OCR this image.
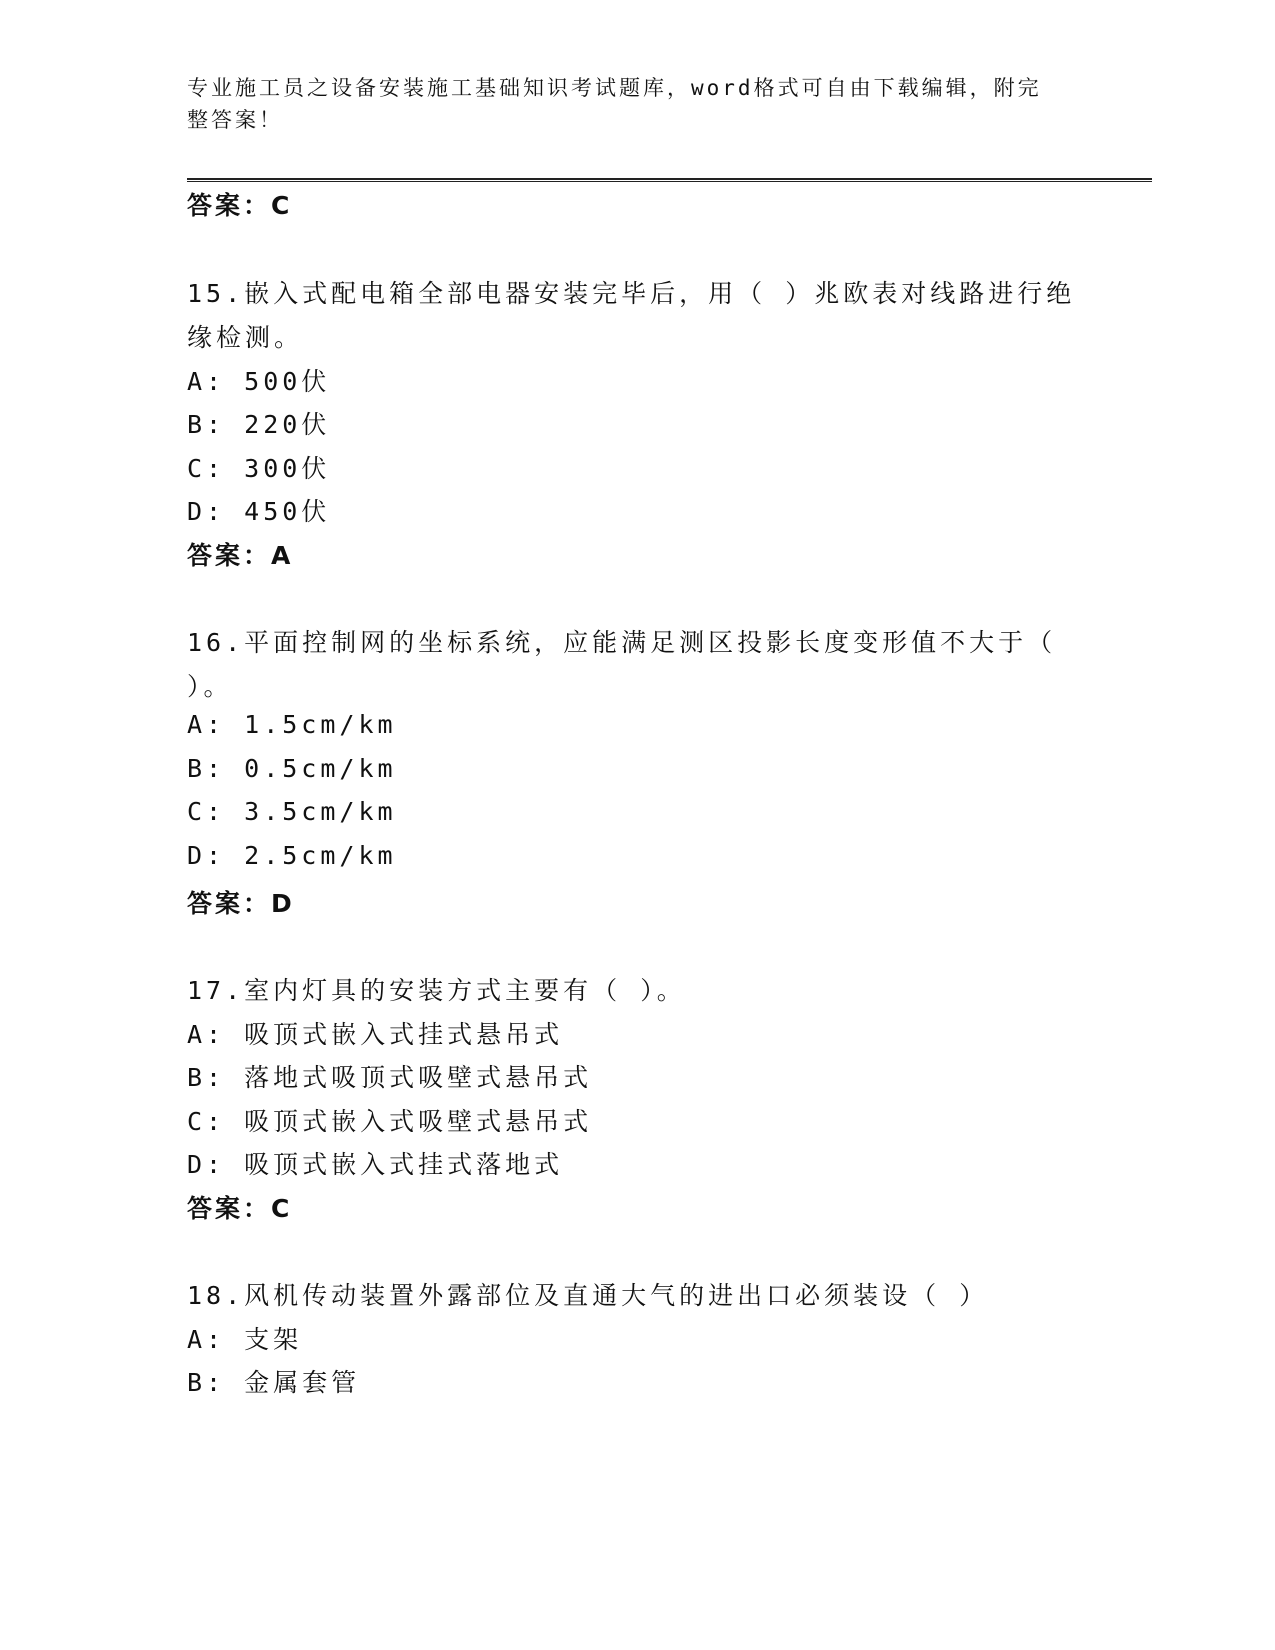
专业施工员之设备安装施工基础知识考试题库，word格式可自由下载编辑，附完
整答案！
答案：C
15.嵌入式配电箱全部电器安装完毕后，用（ ）兆欧表对线路进行绝
缘检测。
A: 500伏
B: 220伏
C: 300伏
D: 450伏
答案：A
16.平面控制网的坐标系统，应能满足测区投影长度变形值不大于（
）。
A: 1.5cm/km
B: 0.5cm/km
C: 3.5cm/km
D: 2.5cm/km
答案：D
17.室内灯具的安装方式主要有（ ）。
A: 吸顶式嵌入式挂式悬吊式
B: 落地式吸顶式吸壁式悬吊式
C: 吸顶式嵌入式吸壁式悬吊式
D: 吸顶式嵌入式挂式落地式
答案：C
18.风机传动装置外露部位及直通大气的进出口必须装设（ ）
A: 支架
B: 金属套管
